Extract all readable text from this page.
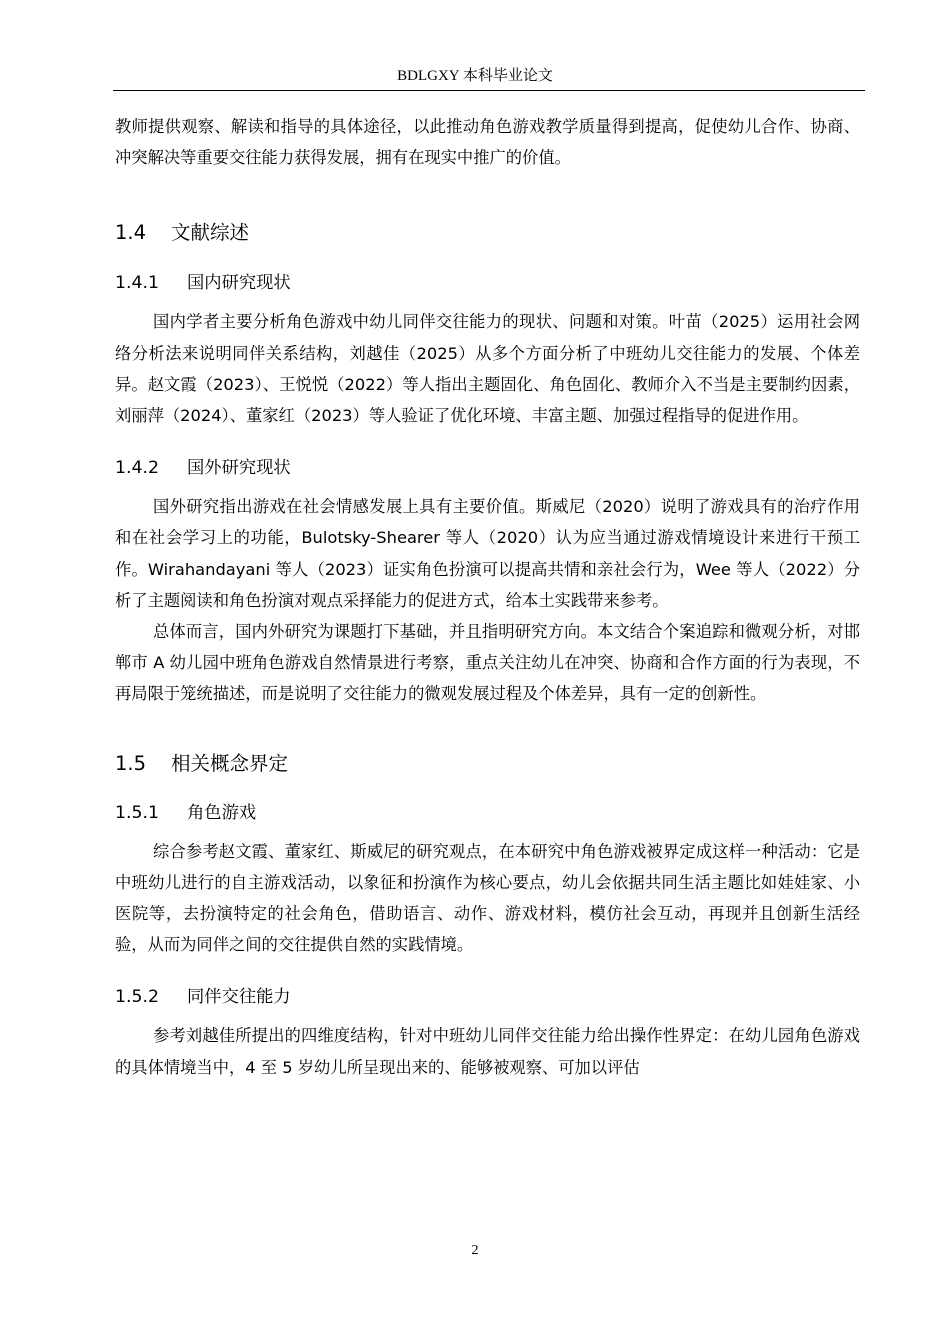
BDLGXY 本科毕业论文

教师提供观察、解读和指导的具体途径，以此推动角色游戏教学质量得到提高，促使幼儿合作、协商、冲突解决等重要交往能力获得发展，拥有在现实中推广的价值。

1.4	文献综述
1.4.1	国内研究现状

国内学者主要分析角色游戏中幼儿同伴交往能力的现状、问题和对策。叶苗（2025）运用社会网络分析法来说明同伴关系结构，刘越佳（2025）从多个方面分析了中班幼儿交往能力的发展、个体差异。赵文霞（2023）、王悦悦（2022）等人指出主题固化、角色固化、教师介入不当是主要制约因素，刘丽萍（2024）、董家红（2023）等人验证了优化环境、丰富主题、加强过程指导的促进作用。

1.4.2	国外研究现状

国外研究指出游戏在社会情感发展上具有主要价值。斯威尼（2020）说明了游戏具有的治疗作用和在社会学习上的功能，Bulotsky-Shearer 等人（2020）认为应当通过游戏情境设计来进行干预工作。Wirahandayani 等人（2023）证实角色扮演可以提高共情和亲社会行为，Wee 等人（2022）分析了主题阅读和角色扮演对观点采择能力的促进方式，给本土实践带来参考。

总体而言，国内外研究为课题打下基础，并且指明研究方向。本文结合个案追踪和微观分析，对邯郸市 A 幼儿园中班角色游戏自然情景进行考察，重点关注幼儿在冲突、协商和合作方面的行为表现，不再局限于笼统描述，而是说明了交往能力的微观发展过程及个体差异，具有一定的创新性。

1.5	相关概念界定
1.5.1	角色游戏

综合参考赵文霞、董家红、斯威尼的研究观点，在本研究中角色游戏被界定成这样一种活动：它是中班幼儿进行的自主游戏活动，以象征和扮演作为核心要点，幼儿会依据共同生活主题比如娃娃家、小医院等，去扮演特定的社会角色，借助语言、动作、游戏材料，模仿社会互动，再现并且创新生活经验，从而为同伴之间的交往提供自然的实践情境。

1.5.2	同伴交往能力

参考刘越佳所提出的四维度结构，针对中班幼儿同伴交往能力给出操作性界定：在幼儿园角色游戏的具体情境当中，4 至 5 岁幼儿所呈现出来的、能够被观察、可加以评估

2
